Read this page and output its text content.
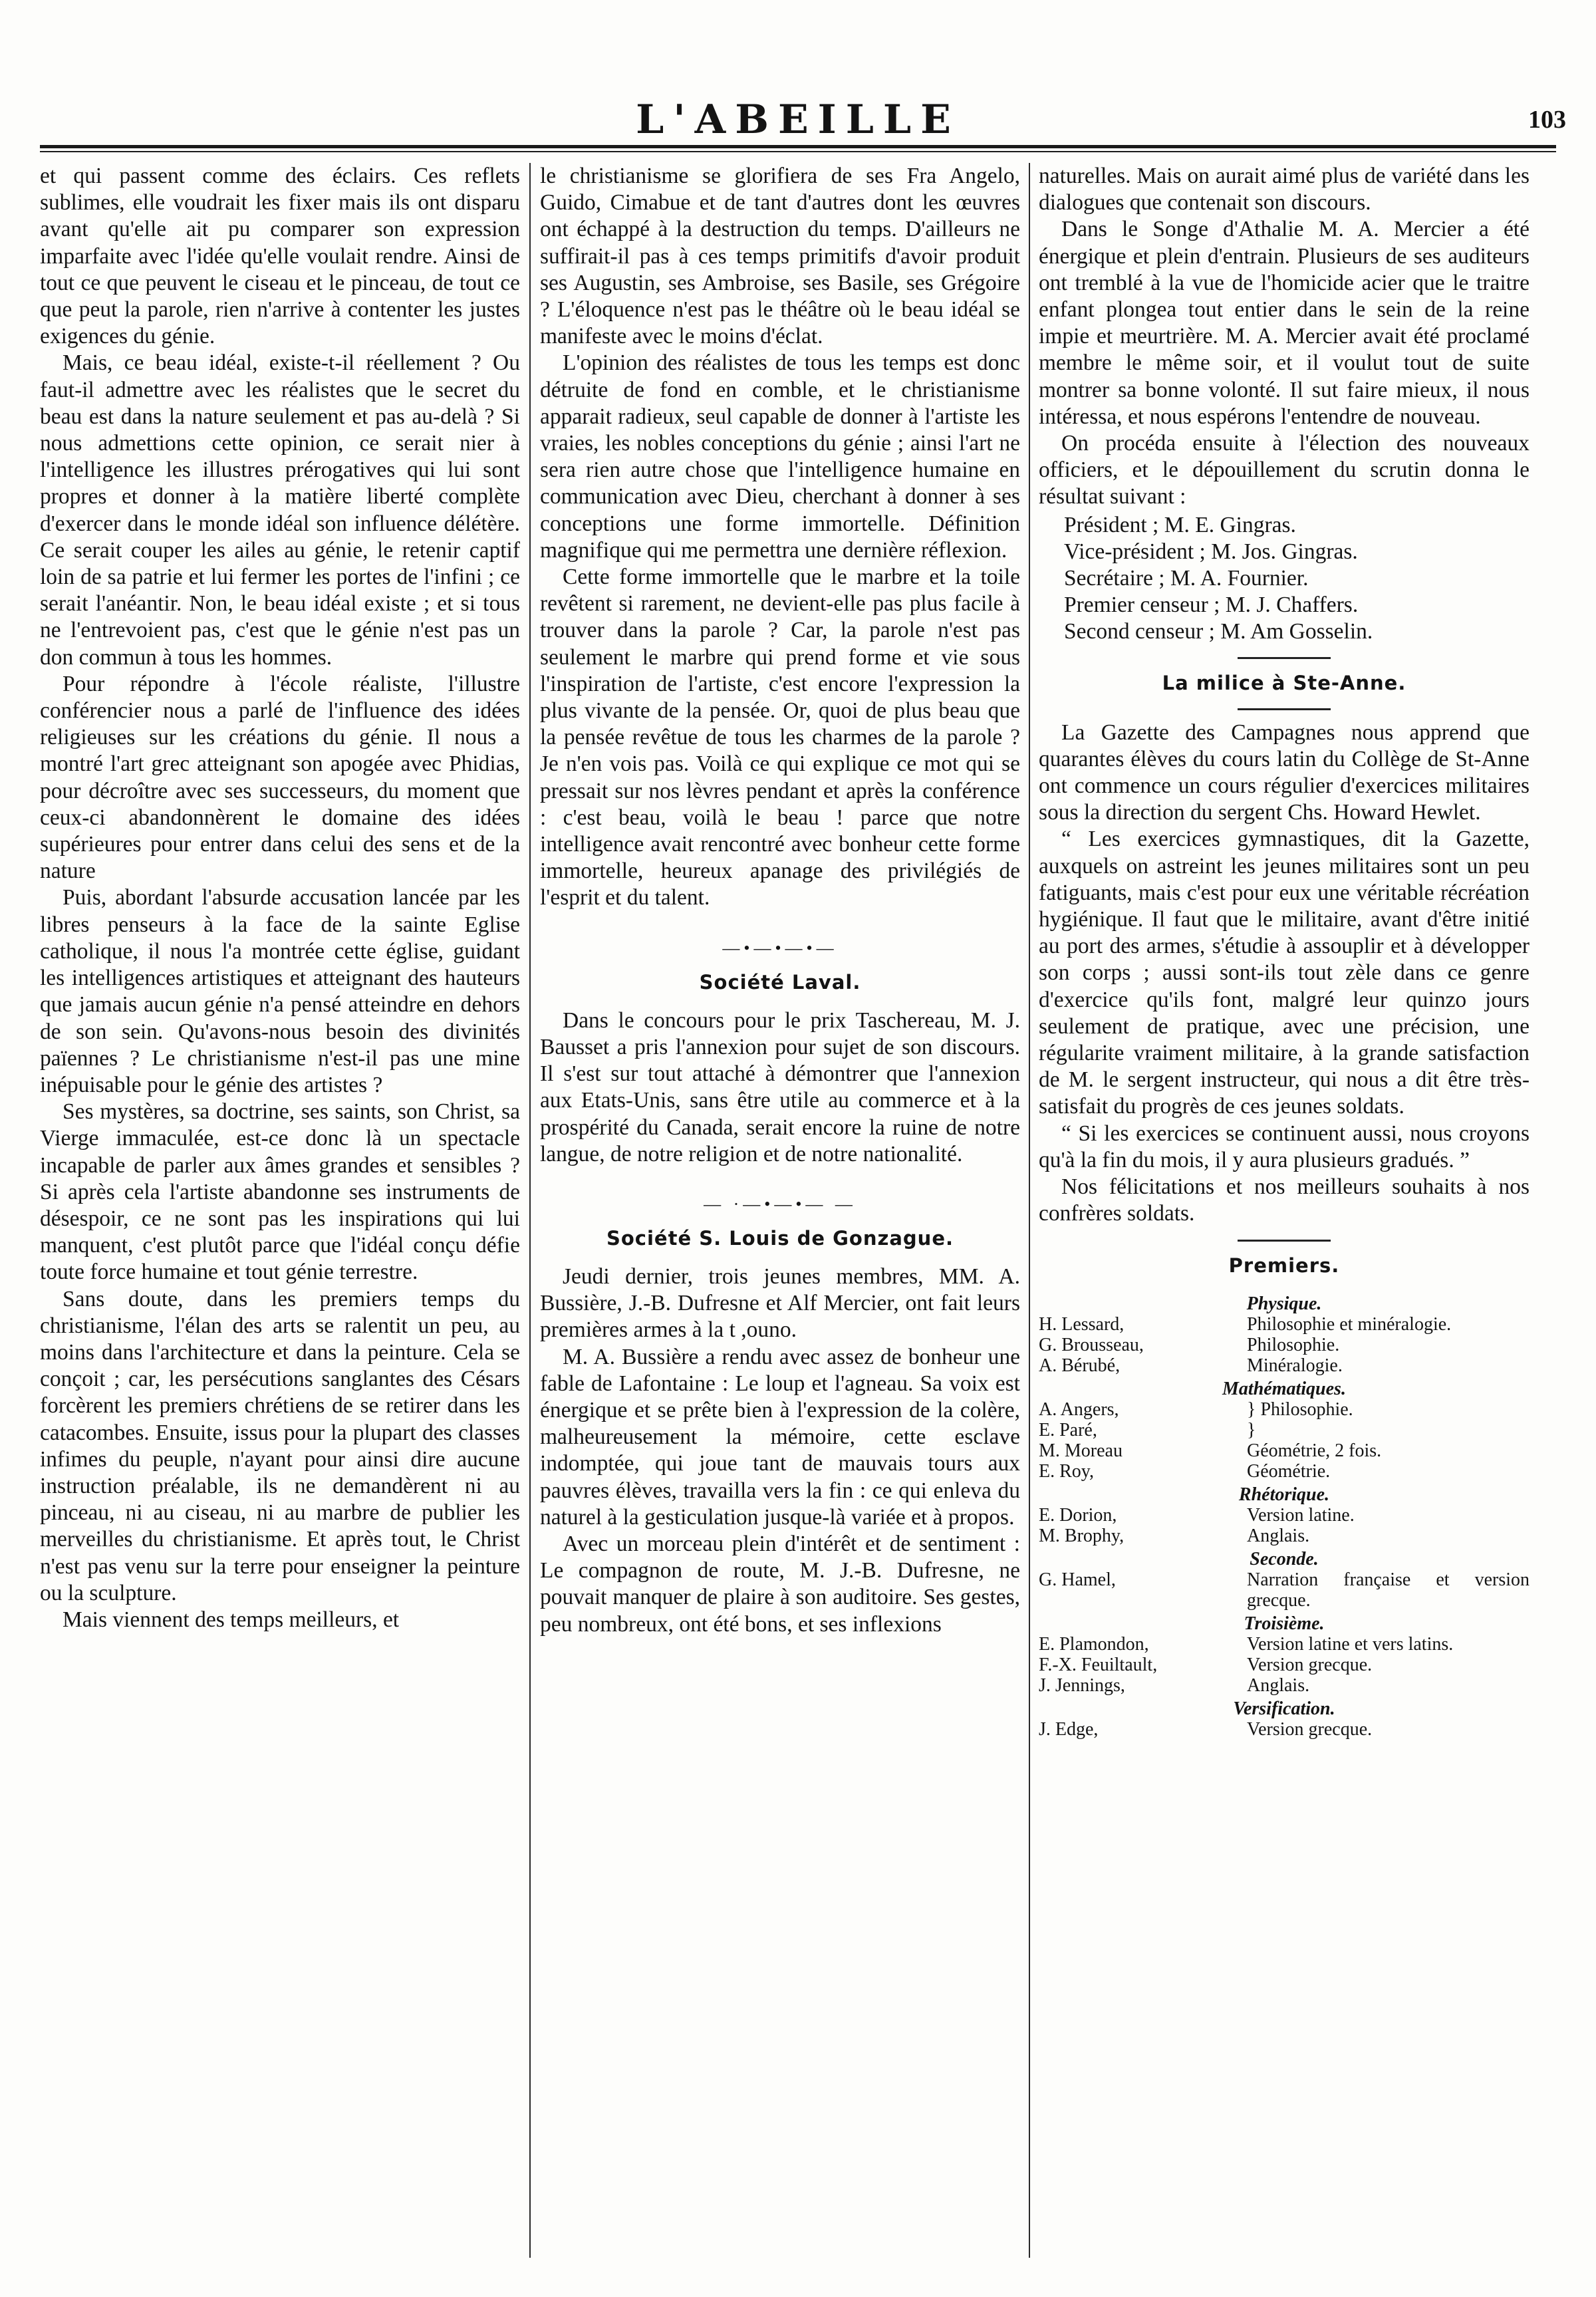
L'ABEILLE	103

et qui passent comme des éclairs. Ces reflets sublimes, elle voudrait les fixer mais ils ont disparu avant qu'elle ait pu comparer son expression imparfaite avec l'idée qu'elle voulait rendre. Ainsi de tout ce que peuvent le ciseau et le pinceau, de tout ce que peut la parole, rien n'arrive à contenter les justes exigences du génie.

Mais, ce beau idéal, existe-t-il réellement ? Ou faut-il admettre avec les réalistes que le secret du beau est dans la nature seulement et pas au-delà ? Si nous admettions cette opinion, ce serait nier à l'intelligence les illustres prérogatives qui lui sont propres et donner à la matière liberté complète d'exercer dans le monde idéal son influence délétère. Ce serait couper les ailes au génie, le retenir captif loin de sa patrie et lui fermer les portes de l'infini ; ce serait l'anéantir. Non, le beau idéal existe ; et si tous ne l'entrevoient pas, c'est que le génie n'est pas un don commun à tous les hommes.

Pour répondre à l'école réaliste, l'illustre conférencier nous a parlé de l'influence des idées religieuses sur les créations du génie. Il nous a montré l'art grec atteignant son apogée avec Phidias, pour décroître avec ses successeurs, du moment que ceux-ci abandonnèrent le domaine des idées supérieures pour entrer dans celui des sens et de la nature

Puis, abordant l'absurde accusation lancée par les libres penseurs à la face de la sainte Eglise catholique, il nous l'a montrée cette église, guidant les intelligences artistiques et atteignant des hauteurs que jamais aucun génie n'a pensé atteindre en dehors de son sein. Qu'avons-nous besoin des divinités païennes ? Le christianisme n'est-il pas une mine inépuisable pour le génie des artistes ?

Ses mystères, sa doctrine, ses saints, son Christ, sa Vierge immaculée, est-ce donc là un spectacle incapable de parler aux âmes grandes et sensibles ? Si après cela l'artiste abandonne ses instruments de désespoir, ce ne sont pas les inspirations qui lui manquent, c'est plutôt parce que l'idéal conçu défie toute force humaine et tout génie terrestre.

Sans doute, dans les premiers temps du christianisme, l'élan des arts se ralentit un peu, au moins dans l'architecture et dans la peinture. Cela se conçoit ; car, les persécutions sanglantes des Césars forcèrent les premiers chrétiens de se retirer dans les catacombes. Ensuite, issus pour la plupart des classes infimes du peuple, n'ayant pour ainsi dire aucune instruction préalable, ils ne demandèrent ni au pinceau, ni au ciseau, ni au marbre de publier les merveilles du christianisme. Et après tout, le Christ n'est pas venu sur la terre pour enseigner la peinture ou la sculpture.

Mais viennent des temps meilleurs, et

le christianisme se glorifiera de ses Fra Angelo, Guido, Cimabue et de tant d'autres dont les œuvres ont échappé à la destruction du temps. D'ailleurs ne suffirait-il pas à ces temps primitifs d'avoir produit ses Augustin, ses Ambroise, ses Basile, ses Grégoire ? L'éloquence n'est pas le théâtre où le beau idéal se manifeste avec le moins d'éclat.

L'opinion des réalistes de tous les temps est donc détruite de fond en comble, et le christianisme apparait radieux, seul capable de donner à l'artiste les vraies, les nobles conceptions du génie ; ainsi l'art ne sera rien autre chose que l'intelligence humaine en communication avec Dieu, cherchant à donner à ses conceptions une forme immortelle. Définition magnifique qui me permettra une dernière réflexion.

Cette forme immortelle que le marbre et la toile revêtent si rarement, ne devient-elle pas plus facile à trouver dans la parole ? Car, la parole n'est pas seulement le marbre qui prend forme et vie sous l'inspiration de l'artiste, c'est encore l'expression la plus vivante de la pensée. Or, quoi de plus beau que la pensée revêtue de tous les charmes de la parole ? Je n'en vois pas. Voilà ce qui explique ce mot qui se pressait sur nos lèvres pendant et après la conférence : c'est beau, voilà le beau ! parce que notre intelligence avait rencontré avec bonheur cette forme immortelle, heureux apanage des privilégiés de l'esprit et du talent.

—•—•—•—
Société Laval.

Dans le concours pour le prix Taschereau, M. J. Bausset a pris l'annexion pour sujet de son discours. Il s'est sur tout attaché à démontrer que l'annexion aux Etats-Unis, sans être utile au commerce et à la prospérité du Canada, serait encore la ruine de notre langue, de notre religion et de notre nationalité.

— ·—•—•— —
Société S. Louis de Gonzague.

Jeudi dernier, trois jeunes membres, MM. A. Bussière, J.-B. Dufresne et Alf Mercier, ont fait leurs premières armes à la t ,ouno.

M. A. Bussière a rendu avec assez de bonheur une fable de Lafontaine : Le loup et l'agneau. Sa voix est énergique et se prête bien à l'expression de la colère, malheureusement la mémoire, cette esclave indomptée, qui joue tant de mauvais tours aux pauvres élèves, travailla vers la fin : ce qui enleva du naturel à la gesticulation jusque-là variée et à propos.

Avec un morceau plein d'intérêt et de sentiment : Le compagnon de route, M. J.-B. Dufresne, ne pouvait manquer de plaire à son auditoire. Ses gestes, peu nombreux, ont été bons, et ses inflexions

naturelles. Mais on aurait aimé plus de variété dans les dialogues que contenait son discours.

Dans le Songe d'Athalie M. A. Mercier a été énergique et plein d'entrain. Plusieurs de ses auditeurs ont tremblé à la vue de l'homicide acier que le traitre enfant plongea tout entier dans le sein de la reine impie et meurtrière. M. A. Mercier avait été proclamé membre le même soir, et il voulut tout de suite montrer sa bonne volonté. Il sut faire mieux, il nous intéressa, et nous espérons l'entendre de nouveau.

On procéda ensuite à l'élection des nouveaux officiers, et le dépouillement du scrutin donna le résultat suivant :

Président ; M. E. Gingras.
Vice-président ; M. Jos. Gingras.
Secrétaire ; M. A. Fournier.
Premier censeur ; M. J. Chaffers.
Second censeur ; M. Am Gosselin.
La milice à Ste-Anne.

La Gazette des Campagnes nous apprend que quarantes élèves du cours latin du Collège de St-Anne ont commence un cours régulier d'exercices militaires sous la direction du sergent Chs. Howard Hewlet.

“ Les exercices gymnastiques, dit la Gazette, auxquels on astreint les jeunes militaires sont un peu fatiguants, mais c'est pour eux une véritable récréation hygiénique. Il faut que le militaire, avant d'être initié au port des armes, s'étudie à assouplir et à développer son corps ; aussi sont-ils tout zèle dans ce genre d'exercice qu'ils font, malgré leur quinzo jours seulement de pratique, avec une précision, une régularite vraiment militaire, à la grande satisfaction de M. le sergent instructeur, qui nous a dit être très-satisfait du progrès de ces jeunes soldats.

“ Si les exercices se continuent aussi, nous croyons qu'à la fin du mois, il y aura plusieurs gradués. ”

Nos félicitations et nos meilleurs souhaits à nos confrères soldats.

Premiers.
Physique.	
H. Lessard,	Philosophie et minéralogie.
G. Brousseau,	Philosophie.
A. Bérubé,	Minéralogie.
Mathématiques.	
A. Angers,	} Philosophie.
E. Paré,	}
M. Moreau	Géométrie, 2 fois.
E. Roy,	Géométrie.
Rhétorique.	
E. Dorion,	Version latine.
M. Brophy,	Anglais.
Seconde.	
G. Hamel,	Narration française et version grecque.
Troisième.	
E. Plamondon,	Version latine et vers latins.
F.-X. Feuiltault,	Version grecque.
J. Jennings,	Anglais.
Versification.	
J. Edge,	Version grecque.
